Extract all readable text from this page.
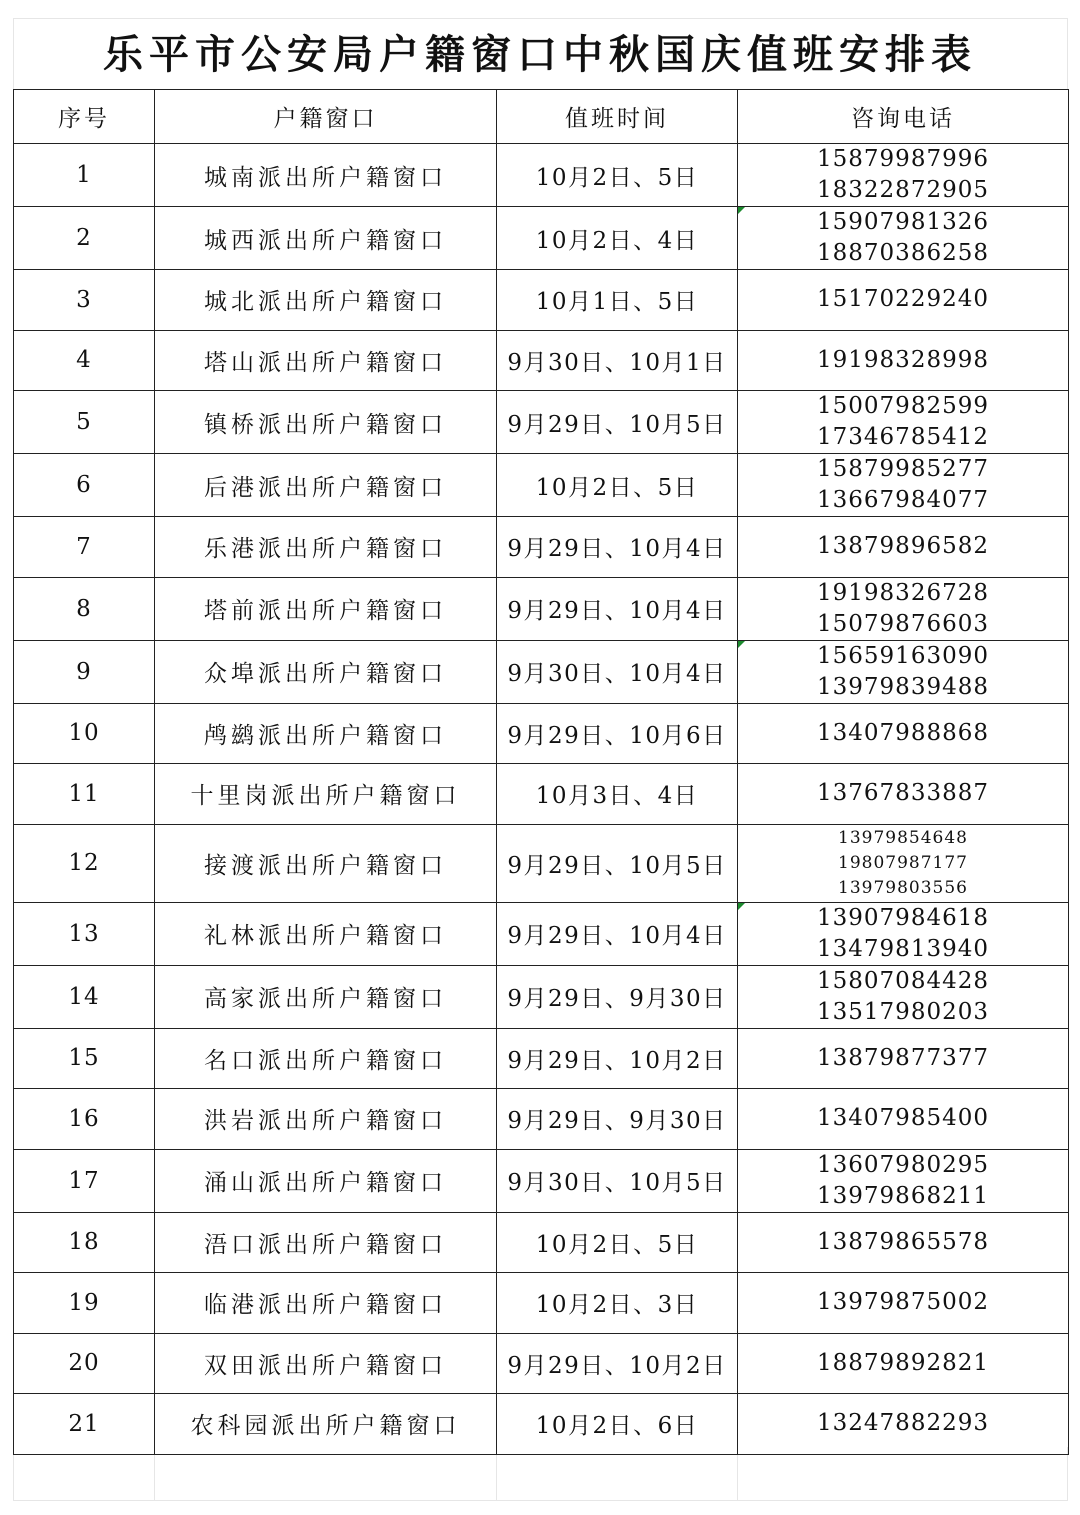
乐平市公安局户籍窗口中秋国庆值班安排表
序号	户籍窗口	值班时间	咨询电话
1	城南派出所户籍窗口	10月2日、5日	15879987996
18322872905

2	城西派出所户籍窗口	10月2日、4日	15907981326
18870386258

3	城北派出所户籍窗口	10月1日、5日	15170229240

4	塔山派出所户籍窗口	9月30日、10月1日	19198328998

5	镇桥派出所户籍窗口	9月29日、10月5日	15007982599
17346785412

6	后港派出所户籍窗口	10月2日、5日	15879985277
13667984077

7	乐港派出所户籍窗口	9月29日、10月4日	13879896582

8	塔前派出所户籍窗口	9月29日、10月4日	19198326728
15079876603

9	众埠派出所户籍窗口	9月30日、10月4日	15659163090
13979839488

10	鸬鹚派出所户籍窗口	9月29日、10月6日	13407988868

11	十里岗派出所户籍窗口	10月3日、4日	13767833887

12	接渡派出所户籍窗口	9月29日、10月5日	13979854648
19807987177
13979803556

13	礼林派出所户籍窗口	9月29日、10月4日	13907984618
13479813940

14	高家派出所户籍窗口	9月29日、9月30日	15807084428
13517980203

15	名口派出所户籍窗口	9月29日、10月2日	13879877377

16	洪岩派出所户籍窗口	9月29日、9月30日	13407985400

17	涌山派出所户籍窗口	9月30日、10月5日	13607980295
13979868211

18	浯口派出所户籍窗口	10月2日、5日	13879865578

19	临港派出所户籍窗口	10月2日、3日	13979875002

20	双田派出所户籍窗口	9月29日、10月2日	18879892821

21	农科园派出所户籍窗口	10月2日、6日	13247882293
